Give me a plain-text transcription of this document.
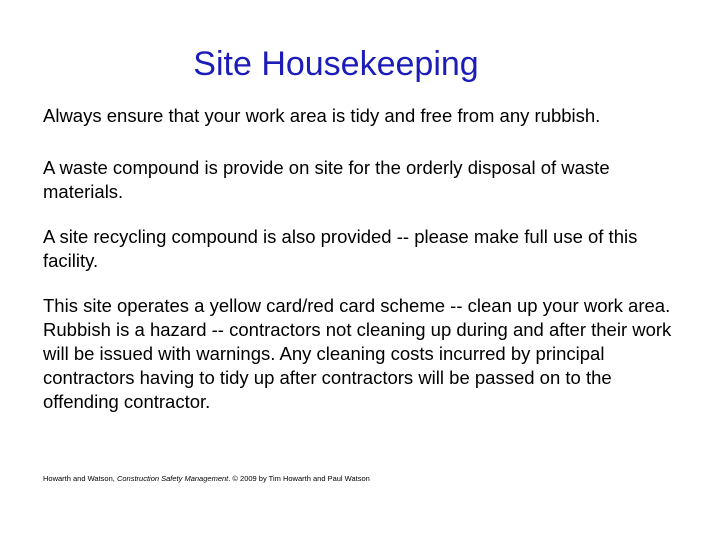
Site Housekeeping

Always ensure that your work area is tidy and free from any rubbish.

A waste compound is provide on site for the orderly disposal of waste materials.

A site recycling compound is also provided -- please make full use of this facility.

This site operates a yellow card/red card scheme -- clean up your work area. Rubbish is a hazard -- contractors not cleaning up during and after their work will be issued with warnings. Any cleaning costs incurred by principal contractors having to tidy up after contractors will be passed on to the offending contractor.

Howarth and Watson, Construction Safety Management. © 2009 by Tim Howarth and Paul Watson
